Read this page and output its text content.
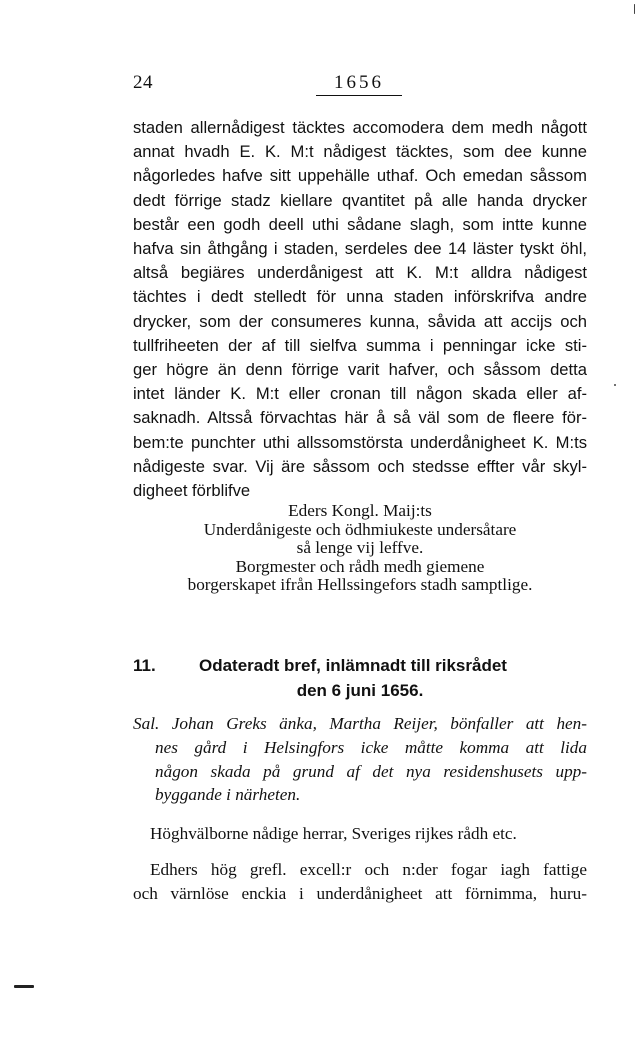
24	1656
staden allernådigest täcktes accomodera dem medh någott
annat hvadh E. K. M:t nådigest täcktes, som dee kunne
någorledes hafve sitt uppehälle uthaf. Och emedan såssom
dedt förrige stadz kiellare qvantitet på alle handa drycker
består een godh deell uthi sådane slagh, som intte kunne
hafva sin åthgång i staden, serdeles dee 14 läster tyskt öhl,
altså begiäres underdånigest att K. M:t alldra nådigest
tächtes i dedt stelledt för unna staden införskrifva andre
drycker, som der consumeres kunna, såvida att accijs och
tullfriheeten der af till sielfva summa i penningar icke sti-
ger högre än denn förrige varit hafver, och såssom detta
intet länder K. M:t eller cronan till någon skada eller af-
saknadh. Altsså förvachtas här å så väl som de fleere för-
bem:te punchter uthi allssomstörsta underdånigheet K. M:ts
nådigeste svar. Vij äre såssom och stedsse effter vår skyl-
digheet förblifve
Eders Kongl. Maij:ts
Underdånigeste och ödhmiukeste undersåtare
så lenge vij leffve.
Borgmester och rådh medh giemene
borgerskapet ifrån Hellssingefors stadh samptlige.
11.	Odateradt bref, inlämnadt till riksrådet
den 6 juni 1656.
Sal. Johan Greks änka, Martha Reijer, bönfaller att hen-
nes gård i Helsingfors icke måtte komma att lida
någon skada på grund af det nya residenshusets upp-
byggande i närheten.
Höghvälborne nådige herrar, Sveriges rijkes rådh etc.
Edhers hög grefl. excell:r och n:der fogar iagh fattige
och värnlöse enckia i underdånigheet att förnimma, huru-
